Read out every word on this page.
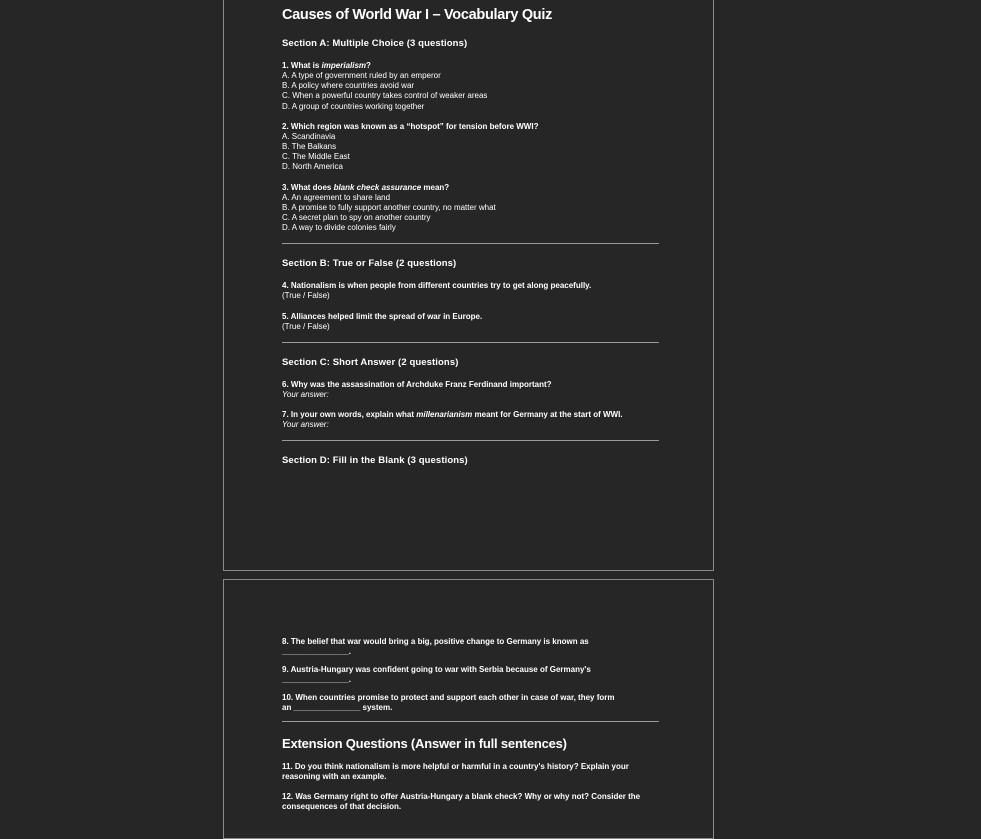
Causes of World War I – Vocabulary Quiz
Section A: Multiple Choice (3 questions)
1. What is imperialism?
A. A type of government ruled by an emperor
B. A policy where countries avoid war
C. When a powerful country takes control of weaker areas
D. A group of countries working together
2. Which region was known as a “hotspot” for tension before WWI?
A. Scandinavia
B. The Balkans
C. The Middle East
D. North America
3. What does blank check assurance mean?
A. An agreement to share land
B. A promise to fully support another country, no matter what
C. A secret plan to spy on another country
D. A way to divide colonies fairly
Section B: True or False (2 questions)
4. Nationalism is when people from different countries try to get along peacefully.
(True / False)
5. Alliances helped limit the spread of war in Europe.
(True / False)
Section C: Short Answer (2 questions)
6. Why was the assassination of Archduke Franz Ferdinand important?
Your answer:
7. In your own words, explain what millenarianism meant for Germany at the start of WWI.
Your answer:
Section D: Fill in the Blank (3 questions)
8. The belief that war would bring a big, positive change to Germany is known as
_______________.
9. Austria-Hungary was confident going to war with Serbia because of Germany's
_______________.
10. When countries promise to protect and support each other in case of war, they form
an _______________ system.
Extension Questions (Answer in full sentences)
11. Do you think nationalism is more helpful or harmful in a country's history? Explain your reasoning with an example.
12. Was Germany right to offer Austria-Hungary a blank check? Why or why not? Consider the consequences of that decision.
